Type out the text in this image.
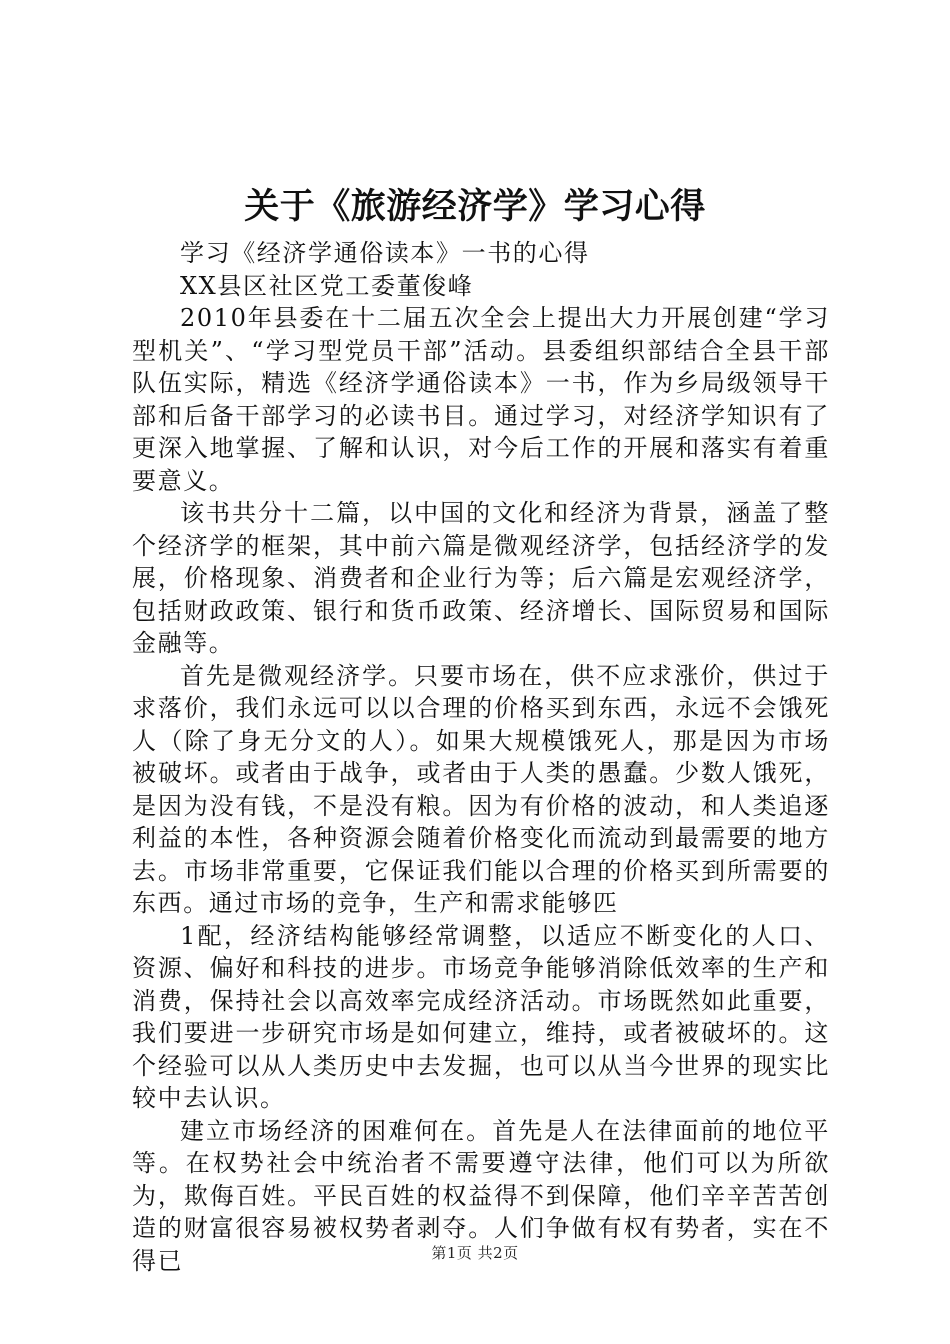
关于《旅游经济学》学习心得

学习《经济学通俗读本》一书的心得

XX县区社区党工委董俊峰

2010年县委在十二届五次全会上提出大力开展创建“学习型机关”、“学习型党员干部”活动。县委组织部结合全县干部队伍实际，精选《经济学通俗读本》一书，作为乡局级领导干部和后备干部学习的必读书目。通过学习，对经济学知识有了更深入地掌握、了解和认识，对今后工作的开展和落实有着重要意义。

该书共分十二篇，以中国的文化和经济为背景，涵盖了整个经济学的框架，其中前六篇是微观经济学，包括经济学的发展，价格现象、消费者和企业行为等；后六篇是宏观经济学，包括财政政策、银行和货币政策、经济增长、国际贸易和国际金融等。

首先是微观经济学。只要市场在，供不应求涨价，供过于求落价，我们永远可以以合理的价格买到东西，永远不会饿死人（除了身无分文的人）。如果大规模饿死人，那是因为市场被破坏。或者由于战争，或者由于人类的愚蠢。少数人饿死，是因为没有钱，不是没有粮。因为有价格的波动，和人类追逐利益的本性，各种资源会随着价格变化而流动到最需要的地方去。市场非常重要，它保证我们能以合理的价格买到所需要的东西。通过市场的竞争，生产和需求能够匹

1配，经济结构能够经常调整，以适应不断变化的人口、资源、偏好和科技的进步。市场竞争能够消除低效率的生产和消费，保持社会以高效率完成经济活动。市场既然如此重要，我们要进一步研究市场是如何建立，维持，或者被破坏的。这个经验可以从人类历史中去发掘，也可以从当今世界的现实比较中去认识。

建立市场经济的困难何在。首先是人在法律面前的地位平等。在权势社会中统治者不需要遵守法律，他们可以为所欲为，欺侮百姓。平民百姓的权益得不到保障，他们辛辛苦苦创造的财富很容易被权势者剥夺。人们争做有权有势者，实在不得已	第1页 共2页
